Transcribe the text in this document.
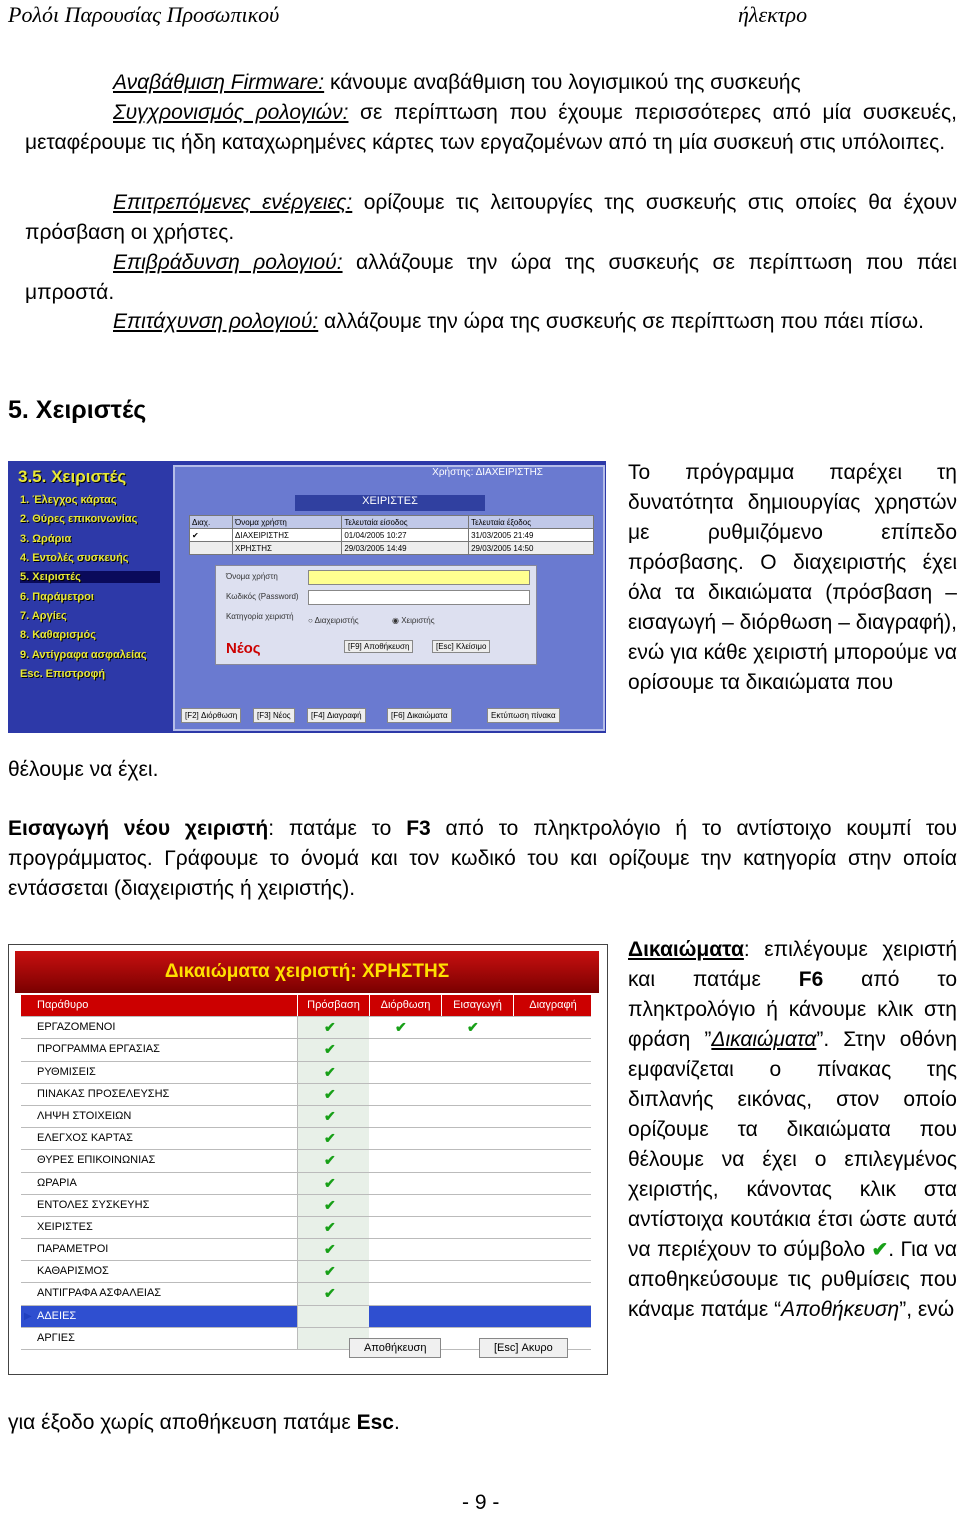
Ρολόι Παρουσίας Προσωπικού	ήλεκτρο
Αναβάθμιση Firmware: κάνουμε αναβάθμιση του λογισμικού της συσκευής
Συγχρονισμός ρολογιών: σε περίπτωση που έχουμε περισσότερες από μία συσκευές, μεταφέρουμε τις ήδη καταχωρημένες κάρτες των εργαζομένων από τη μία συσκευή στις υπόλοιπες.
Επιτρεπόμενες ενέργειες: ορίζουμε τις λειτουργίες της συσκευής στις οποίες θα έχουν πρόσβαση οι χρήστες.
Επιβράδυνση ρολογιού: αλλάζουμε την ώρα της συσκευής σε περίπτωση που πάει μπροστά.
Επιτάχυνση ρολογιού: αλλάζουμε την ώρα της συσκευής σε περίπτωση που πάει πίσω.
5. Χειριστές
3.5. Χειριστές
1. Έλεγχος κάρτας
2. Θύρες επικοινωνίας
3. Ωράρια
4. Εντολές συσκευής
5. Χειριστές
6. Παράμετροι
7. Αργίες
8. Καθαρισμός
9. Αντίγραφα ασφαλείας
Esc. Επιστροφή
Χρήστης: ΔΙΑΧΕΙΡΙΣΤΗΣ
ΧΕΙΡΙΣΤΕΣ
Διαχ.	Όνομα χρήστη	Τελευταία είσοδος	Τελευταία έξοδος
✔	ΔΙΑΧΕΙΡΙΣΤΗΣ	01/04/2005 10:27	31/03/2005 21:49
	ΧΡΗΣΤΗΣ	29/03/2005 14:49	29/03/2005 14:50
Όνομα χρήστη
Κωδικός (Password)
Κατηγορία χειριστή ○ Διαχειριστής	◉ Χειριστής
Νέος	[F9] Αποθήκευση	[Esc] Κλείσιμο
[F2] Διόρθωση	[F3] Νέος	[F4] Διαγραφή	[F6] Δικαιώματα	Εκτύπωση πίνακα
Το πρόγραμμα παρέχει τη δυνατότητα δημιουργίας χρηστών με ρυθμιζόμενο επίπεδο πρόσβασης. Ο διαχειριστής έχει όλα τα δικαιώματα (πρόσβαση – εισαγωγή – διόρθωση – διαγραφή), ενώ για κάθε χειριστή μπορούμε να ορίσουμε τα δικαιώματα που
θέλουμε να έχει.
Εισαγωγή νέου χειριστή: πατάμε το F3 από το πληκτρολόγιο ή το αντίστοιχο κουμπί του προγράμματος. Γράφουμε το όνομά και τον κωδικό του και ορίζουμε την κατηγορία στην οποία εντάσσεται (διαχειριστής ή χειριστής).
Δικαιώματα χειριστή: ΧΡΗΣΤΗΣ
Παράθυρο	Πρόσβαση	Διόρθωση	Εισαγωγή	Διαγραφή
ΕΡΓΑΖΟΜΕΝΟΙ	✔	✔	✔
ΠΡΟΓΡΑΜΜΑ ΕΡΓΑΣΙΑΣ	✔
ΡΥΘΜΙΣΕΙΣ	✔
ΠΙΝΑΚΑΣ ΠΡΟΣΕΛΕΥΣΗΣ	✔
ΛΗΨΗ ΣΤΟΙΧΕΙΩΝ	✔
ΕΛΕΓΧΟΣ ΚΑΡΤΑΣ	✔
ΘΥΡΕΣ ΕΠΙΚΟΙΝΩΝΙΑΣ	✔
ΩΡΑΡΙΑ	✔
ΕΝΤΟΛΕΣ ΣΥΣΚΕΥΗΣ	✔
ΧΕΙΡΙΣΤΕΣ	✔
ΠΑΡΑΜΕΤΡΟΙ	✔
ΚΑΘΑΡΙΣΜΟΣ	✔
ΑΝΤΙΓΡΑΦΑ ΑΣΦΑΛΕΙΑΣ	✔
▶ ΑΔΕΙΕΣ
ΑΡΓΙΕΣ
Αποθήκευση	[Esc] Ακυρο
Δικαιώματα: επιλέγουμε χειριστή και πατάμε F6 από το πληκτρολόγιο ή κάνουμε κλικ στη φράση ”Δικαιώματα”. Στην οθόνη εμφανίζεται ο πίνακας της διπλανής εικόνας, στον οποίο ορίζουμε τα δικαιώματα που θέλουμε να έχει ο επιλεγμένος χειριστής, κάνοντας κλικ στα αντίστοιχα κουτάκια έτσι ώστε αυτά να περιέχουν το σύμβολο ✔. Για να αποθηκεύσουμε τις ρυθμίσεις που κάναμε πατάμε “Αποθήκευση”, ενώ
για έξοδο χωρίς αποθήκευση πατάμε Esc.
- 9 -
